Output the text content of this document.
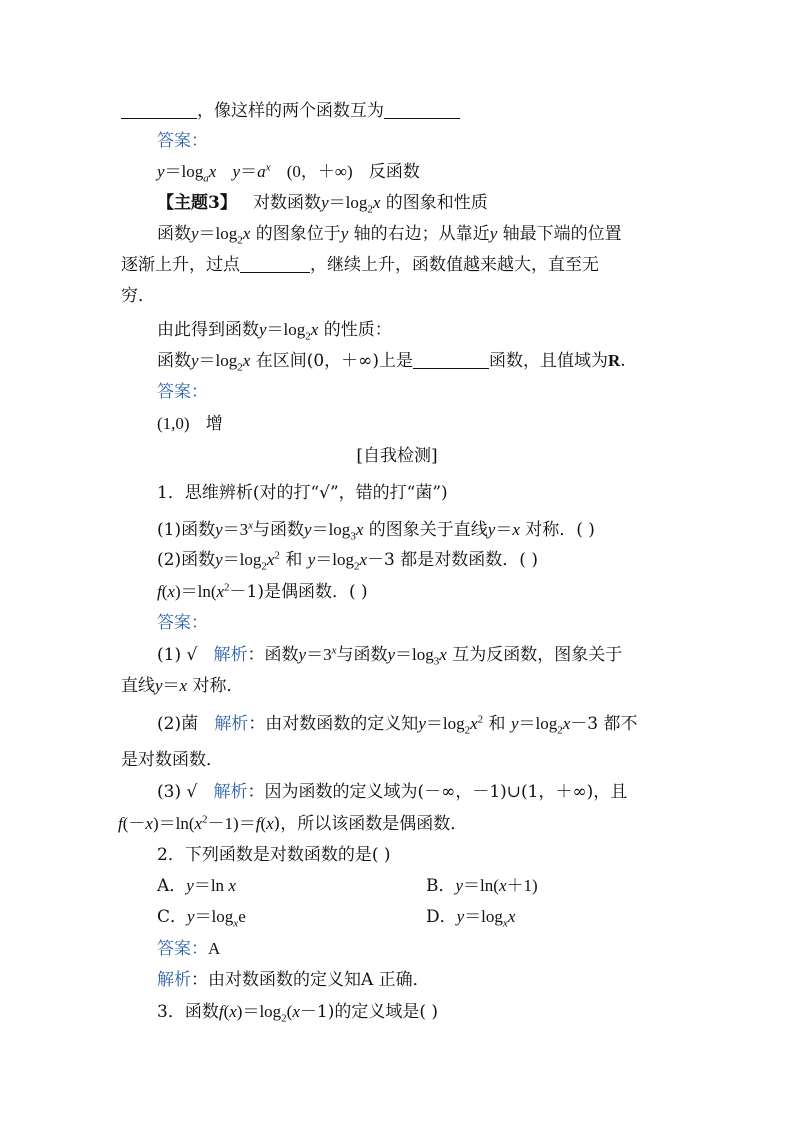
，像这样的两个函数互为
答案：
$y=\log_ax$ $y=a^x$ (0，＋∞) 反函数
【主题3】 对数函数$y=\log_2x$ 的图象和性质
函数$y=\log_2x$ 的图象位于y 轴的右边；从靠近y 轴最下端的位置
逐渐上升，过点	，继续上升，函数值越来越大，直至无
穷．
由此得到函数$y=\log_2x$ 的性质：
函数$y=\log_2x$ 在区间(0，＋∞)上是	函数，且值域为R.
答案：
(1,0) 增
[自我检测]
1．思维辨析(对的打“√”，错的打“菌”)
(1)函数$y=3^x$与函数$y=\log_3x$ 的图象关于直线y＝x 对称．( )
(2)函数$y=\log_2x^2$ 和 $y=\log_2x-3$ 都是对数函数．( )
$f(x)=\ln(x^2-1)$是偶函数．( )
答案：
(1) √ 解析：函数$y=3^x$与函数$y=\log_3x$ 互为反函数，图象关于
直线y＝x 对称．
(2)菌 解析：由对数函数的定义知$y=\log_2x^2$ 和 $y=\log_2x-3$ 都不
是对数函数．
(3) √ 解析：因为函数的定义域为(－∞，－1)∪(1，＋∞)，且
$f(-x)=\ln(x^2-1)=f(x)$，所以该函数是偶函数．
2．下列函数是对数函数的是( )
A．y＝ln x	B．y＝ln(x＋1)
C．$y=\log_xe$	D．$y=\log_xx$
答案：A
解析：由对数函数的定义知A 正确．
3．函数$f(x)=\log_2(x-1)$的定义域是( )
